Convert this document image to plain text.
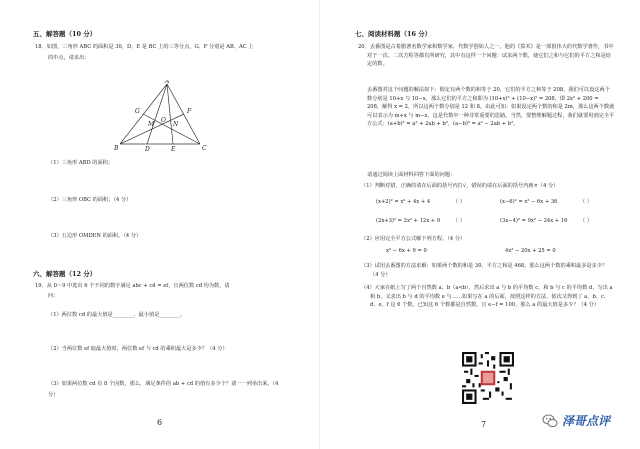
五、解答题（10 分）
18．如图，三角形 ABC 的面积是 30，D、E 是 BC 上的三等分点，G、F 分别是 AB、AC 上
的中点，请求出：
A
G	F
M
O
N
B	D	E	C
（1）三角形 ABD 的面积；
（2）三角形 OBC 的面积；（4 分）
（3）五边形 OMDEN 的面积。（4 分）
六、解答题（12 分）
19．从 0～9 中选出 6 个不同的数字满足 abc + cd = ef，且两位数 cd 均为数，请
问：
（1）两位数 cd 的最大值是________，最小值是________。
（2）当两位数 ef 取最大值时，两位数 ef 与 cd 的乘积最大是多少？（4 分）
（3）如果两位数 cd 有 8 个因数，那么，满足条件的 ab + cd 的值有多少个？请一一列举出来。（4
分）
6
七、阅读材料题（16 分）
20．丢番图是古希腊著名数学家和数学家，代数学创始人之一。他的《算术》是一部很伟大的代数学著作，书中对于一次、二次方程等都有所研究，其中有这样一个问题：试求两个数，使它们之和与它们的平方之和是给定的数。
丢番图对这个问题的解法如下：假定有两个数的和等于 20，它们的平方之和等于 208，我们可以设这两个数分别是 10+x 与 10−x，那么它们的平方之和即为 (10+x)² + (10−x)² = 208，即 2x² + 200 = 208，解得 x = 2，所以这两个数分别是 12 和 8。由此可知：如果设定两个数的和是 2m，那么这两个数就可以表示为 m+x 与 m−x，这是代数中一种非常重要的思路。当然，要整理解题过程，我们就要用到完全平方公式：(a+b)² = a² + 2ab + b²，(a−b)² = a² − 2ab + b²。
请通过阅读上面材料回答下面的问题：
（1）判断对错，正确的请在后面的括号内打√，错误的请在后面的括号内画×（4 分）
(x+2)² = x² + 4x + 4	（ ）	(x−6)² = x² − 6x + 36	（ ）
(2x+3)² = 2x² + 12x + 9 （ ）	(3x−4)² = 9x² − 24x + 16 （ ）
（2）应用完全平方公式解下列方程。（4 分）
x² − 6x + 9 = 0	4x² − 20x + 25 = 0
（3）试用丢番图的方法求解：如果两个数的和是 30，平方之和是 468，那么这两个数的乘积最多是多少？（4 分）
（4）大家在纸上写了两个自然数 a、b（a<b），然后求出 a 与 b 的平均数 c，和 b 与 c 的平均数 d，写出 a 和 b，又求出 b 与 d 的平均数 e 与……如果写在 a 的后面，按照这样的方法，依次又得到了 a、b、c、d、e、f 这 6 个数。已知这 6 个数都是自然数，且 e−f = 100，那么 a 的最大值是多少？（4 分）
7	泽哥点评
